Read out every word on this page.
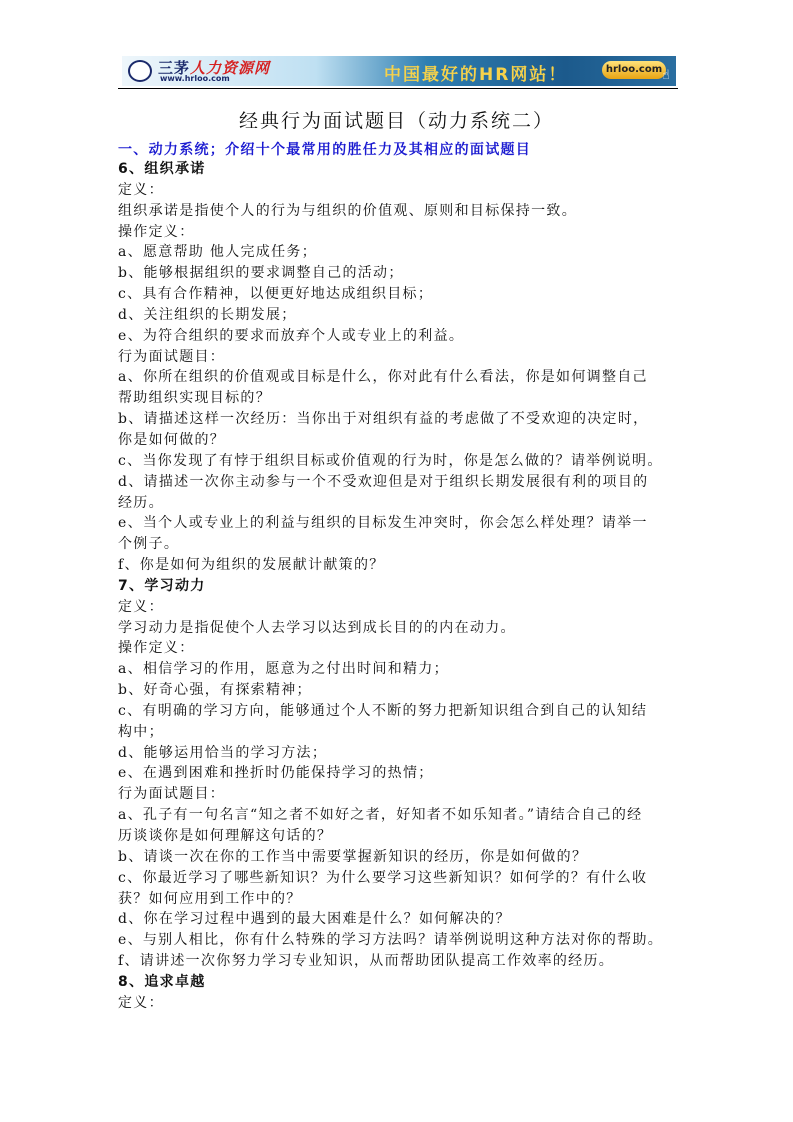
三茅人力资源网
www.hrloo.com	中国最好的HR网站！	hrloo.com ☝
经典行为面试题目（动力系统二）
一、动力系统；介绍十个最常用的胜任力及其相应的面试题目
6、组织承诺
定义：
组织承诺是指使个人的行为与组织的价值观、原则和目标保持一致。
操作定义：
a、愿意帮助 他人完成任务；
b、能够根据组织的要求调整自己的活动；
c、具有合作精神，以便更好地达成组织目标；
d、关注组织的长期发展；
e、为符合组织的要求而放弃个人或专业上的利益。
行为面试题目：
a、你所在组织的价值观或目标是什么，你对此有什么看法，你是如何调整自己
帮助组织实现目标的？
b、请描述这样一次经历：当你出于对组织有益的考虑做了不受欢迎的决定时，
你是如何做的？
c、当你发现了有悖于组织目标或价值观的行为时，你是怎么做的？请举例说明。
d、请描述一次你主动参与一个不受欢迎但是对于组织长期发展很有利的项目的
经历。
e、当个人或专业上的利益与组织的目标发生冲突时，你会怎么样处理？请举一
个例子。
f、你是如何为组织的发展献计献策的？
7、学习动力
定义：
学习动力是指促使个人去学习以达到成长目的的内在动力。
操作定义：
a、相信学习的作用，愿意为之付出时间和精力；
b、好奇心强，有探索精神；
c、有明确的学习方向，能够通过个人不断的努力把新知识组合到自己的认知结
构中；
d、能够运用恰当的学习方法；
e、在遇到困难和挫折时仍能保持学习的热情；
行为面试题目：
a、孔子有一句名言“知之者不如好之者，好知者不如乐知者。”请结合自己的经
历谈谈你是如何理解这句话的？
b、请谈一次在你的工作当中需要掌握新知识的经历，你是如何做的？
c、你最近学习了哪些新知识？为什么要学习这些新知识？如何学的？有什么收
获？如何应用到工作中的？
d、你在学习过程中遇到的最大困难是什么？如何解决的？
e、与别人相比，你有什么特殊的学习方法吗？请举例说明这种方法对你的帮助。
f、请讲述一次你努力学习专业知识，从而帮助团队提高工作效率的经历。
8、追求卓越
定义：
